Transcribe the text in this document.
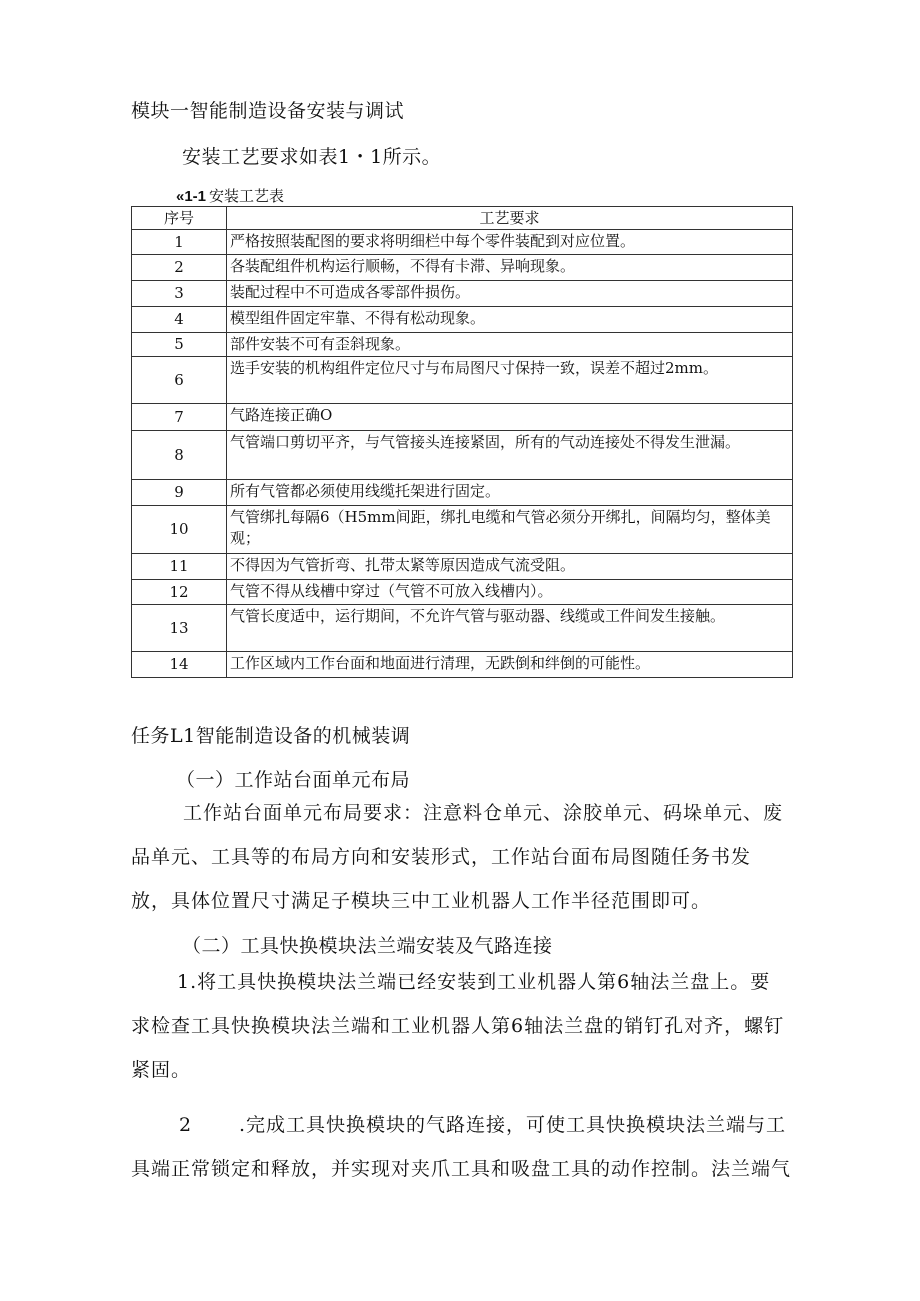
模块一智能制造设备安装与调试
安装工艺要求如表1・1所示。
«1-1 安装工艺表
序号	工艺要求
1	严格按照装配图的要求将明细栏中每个零件装配到对应位置。
2	各装配组件机构运行顺畅，不得有卡滞、异响现象。
3	装配过程中不可造成各零部件损伤。
4	模型组件固定牢靠、不得有松动现象。
5	部件安装不可有歪斜现象。
6	选手安装的机构组件定位尺寸与布局图尺寸保持一致，误差不超过2mm。
7	气路连接正确O
8	气管端口剪切平齐，与气管接头连接紧固，所有的气动连接处不得发生泄漏。
9	所有气管都必须使用线缆托架进行固定。
10	气管绑扎每隔6（H5mm间距，绑扎电缆和气管必须分开绑扎，间隔均匀，整体美观；
11	不得因为气管折弯、扎带太紧等原因造成气流受阻。
12	气管不得从线槽中穿过（气管不可放入线槽内）。
13	气管长度适中，运行期间，不允许气管与驱动器、线缆或工件间发生接触。
14	工作区域内工作台面和地面进行清理，无跌倒和绊倒的可能性。
任务L1智能制造设备的机械装调
（一）工作站台面单元布局
工作站台面单元布局要求：注意料仓单元、涂胶单元、码垛单元、废
品单元、工具等的布局方向和安装形式，工作站台面布局图随任务书发
放，具体位置尺寸满足子模块三中工业机器人工作半径范围即可。
（二）工具快换模块法兰端安装及气路连接
1.将工具快换模块法兰端已经安装到工业机器人第6轴法兰盘上。要
求检查工具快换模块法兰端和工业机器人第6轴法兰盘的销钉孔对齐，螺钉
紧固。
2 .完成工具快换模块的气路连接，可使工具快换模块法兰端与工
具端正常锁定和释放，并实现对夹爪工具和吸盘工具的动作控制。法兰端气
